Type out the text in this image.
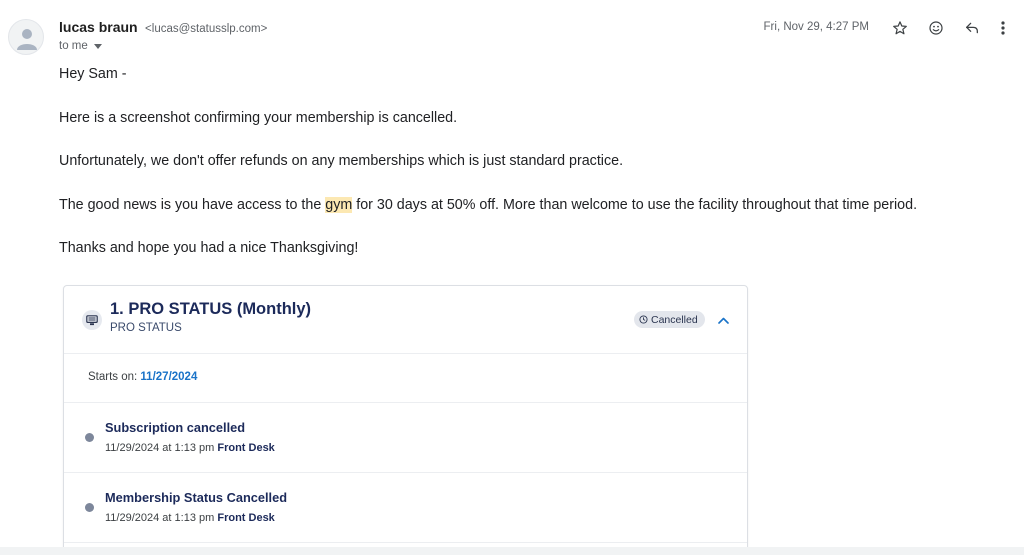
lucas braun <lucas@statusslp.com>
to me
Fri, Nov 29, 4:27 PM
Hey Sam -
Here is a screenshot confirming your membership is cancelled.
Unfortunately, we don't offer refunds on any memberships which is just standard practice.
The good news is you have access to the gym for 30 days at 50% off. More than welcome to use the facility throughout that time period.
Thanks and hope you had a nice Thanksgiving!
1. PRO STATUS (Monthly)
PRO STATUS
Cancelled
Starts on: 11/27/2024
Subscription cancelled
11/29/2024 at 1:13 pm Front Desk
Membership Status Cancelled
11/29/2024 at 1:13 pm Front Desk
